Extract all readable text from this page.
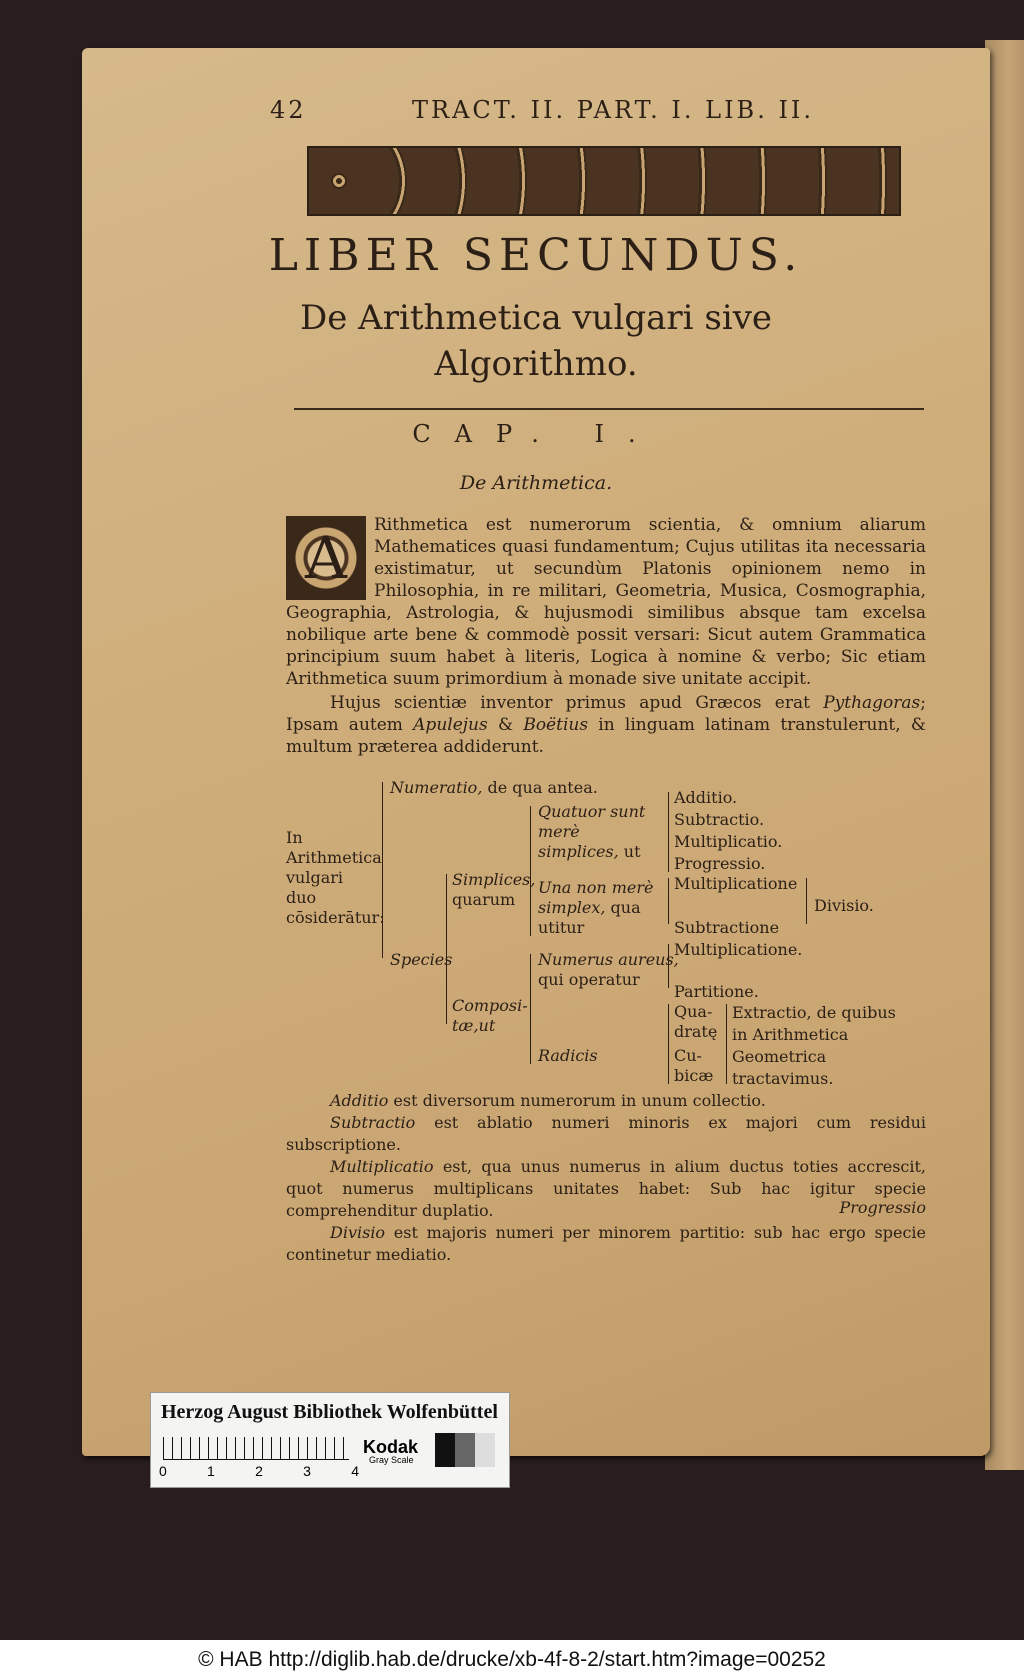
42	TRACT. II. PART. I. LIB. II.
LIBER SECUNDUS.
De Arithmetica vulgari sive
Algorithmo.
CAP. I.
De Arithmetica.
A	Rithmetica est numerorum scientia, & omnium aliarum Mathematices quasi fundamentum; Cujus utilitas ita necessaria existimatur, ut secundùm Platonis opinionem nemo in Philosophia, in re militari, Geometria, Musica, Cosmographia, Geographia, Astrologia, & hujusmodi similibus absque tam excelsa nobilique arte bene & commodè possit versari: Sicut autem Grammatica principium suum habet à literis, Logica à nomine & verbo; Sic etiam Arithmetica suum primordium à monade sive unitate accipit.
Hujus scientiæ inventor primus apud Græcos erat Pythagoras; Ipsam autem Apulejus & Boëtius in linguam latinam transtulerunt, & multum præterea addiderunt.
In Arithmetica vulgari duo cōsiderātur:
Numeratio, de qua antea.
Species
Simplices,
quarum
Composi-tæ,ut
Quatuor sunt merè simplices, ut
Una non merè simplex, qua utitur
Numerus aureus,
qui operatur
Radicis
Additio.
Subtractio.
Multiplicatio.
Progressio.
Multiplicatione
Subtractione
Divisio.
Multiplicatione.
Partitione.
Qua-dratę
Cu-bicæ
Extractio, de quibus in Arithmetica Geometrica tractavimus.

Additio est diversorum numerorum in unum collectio.

Subtractio est ablatio numeri minoris ex majori cum residui subscriptione.

Multiplicatio est, qua unus numerus in alium ductus toties accrescit, quot numerus multiplicans unitates habet: Sub hac igitur specie comprehenditur duplatio.

Divisio est majoris numeri per minorem partitio: sub hac ergo specie continetur mediatio.

Progressio
Herzog August Bibliothek Wolfenbüttel
0	1	2	3	4
Kodak
Gray Scale
© HAB http://diglib.hab.de/drucke/xb-4f-8-2/start.htm?image=00252
